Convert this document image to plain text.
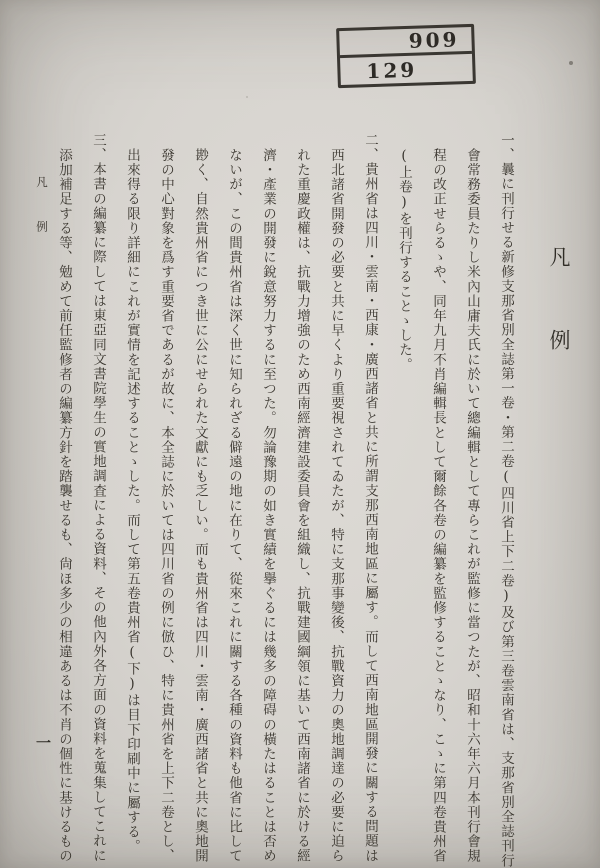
909
129
凡例
一、曩に刊行せる新修支那省別全誌第一卷・第二卷(四川省上下二卷)及び第三卷雲南省は、支那省別全誌刊行
會常務委員たりし米內山庸夫氏に於いて總編輯として專らこれが監修に當つたが、昭和十六年六月本刊行會規
程の改正せらるゝや、同年九月不肖編輯長として爾餘各卷の編纂を監修することゝなり、こゝに第四卷貴州省
(上卷)を刊行することゝした。
二、貴州省は四川・雲南・西康・廣西諸省と共に所謂支那西南地區に屬す。而して西南地區開發に關する問題は
西北諸省開發の必要と共に早くより重要視されてゐたが、特に支那事變後、抗戰資力の奧地調達の必要に迫ら
れた重慶政權は、抗戰力增強のため西南經濟建設委員會を組織し、抗戰建國綱領に基いて西南諸省に於ける經
濟・產業の開發に銳意努力するに至つた。勿論豫期の如き實績を擧ぐるには幾多の障碍の橫たはることは否め
ないが、この間貴州省は深く世に知られざる僻遠の地に在りて、從來これに關する各種の資料も他省に比して
尠く、自然貴州省につき世に公にせられた文獻にも乏しい。而も貴州省は四川・雲南・廣西諸省と共に奧地開
發の中心對象を爲す重要省であるが故に、本全誌に於いては四川省の例に倣ひ、特に貴州省を上下二卷とし、
出來得る限り詳細にこれが實情を記述することゝした。而して第五卷貴州省(下)は目下印刷中に屬する。
三、本書の編纂に際しては東亞同文書院學生の實地調査による資料、その他內外各方面の資料を蒐集してこれに
添加補足する等、勉めて前任監修者の編纂方針を踏襲せるも、尙ほ多少の相違あるは不肖の個性に基けるもの
凡例
一
